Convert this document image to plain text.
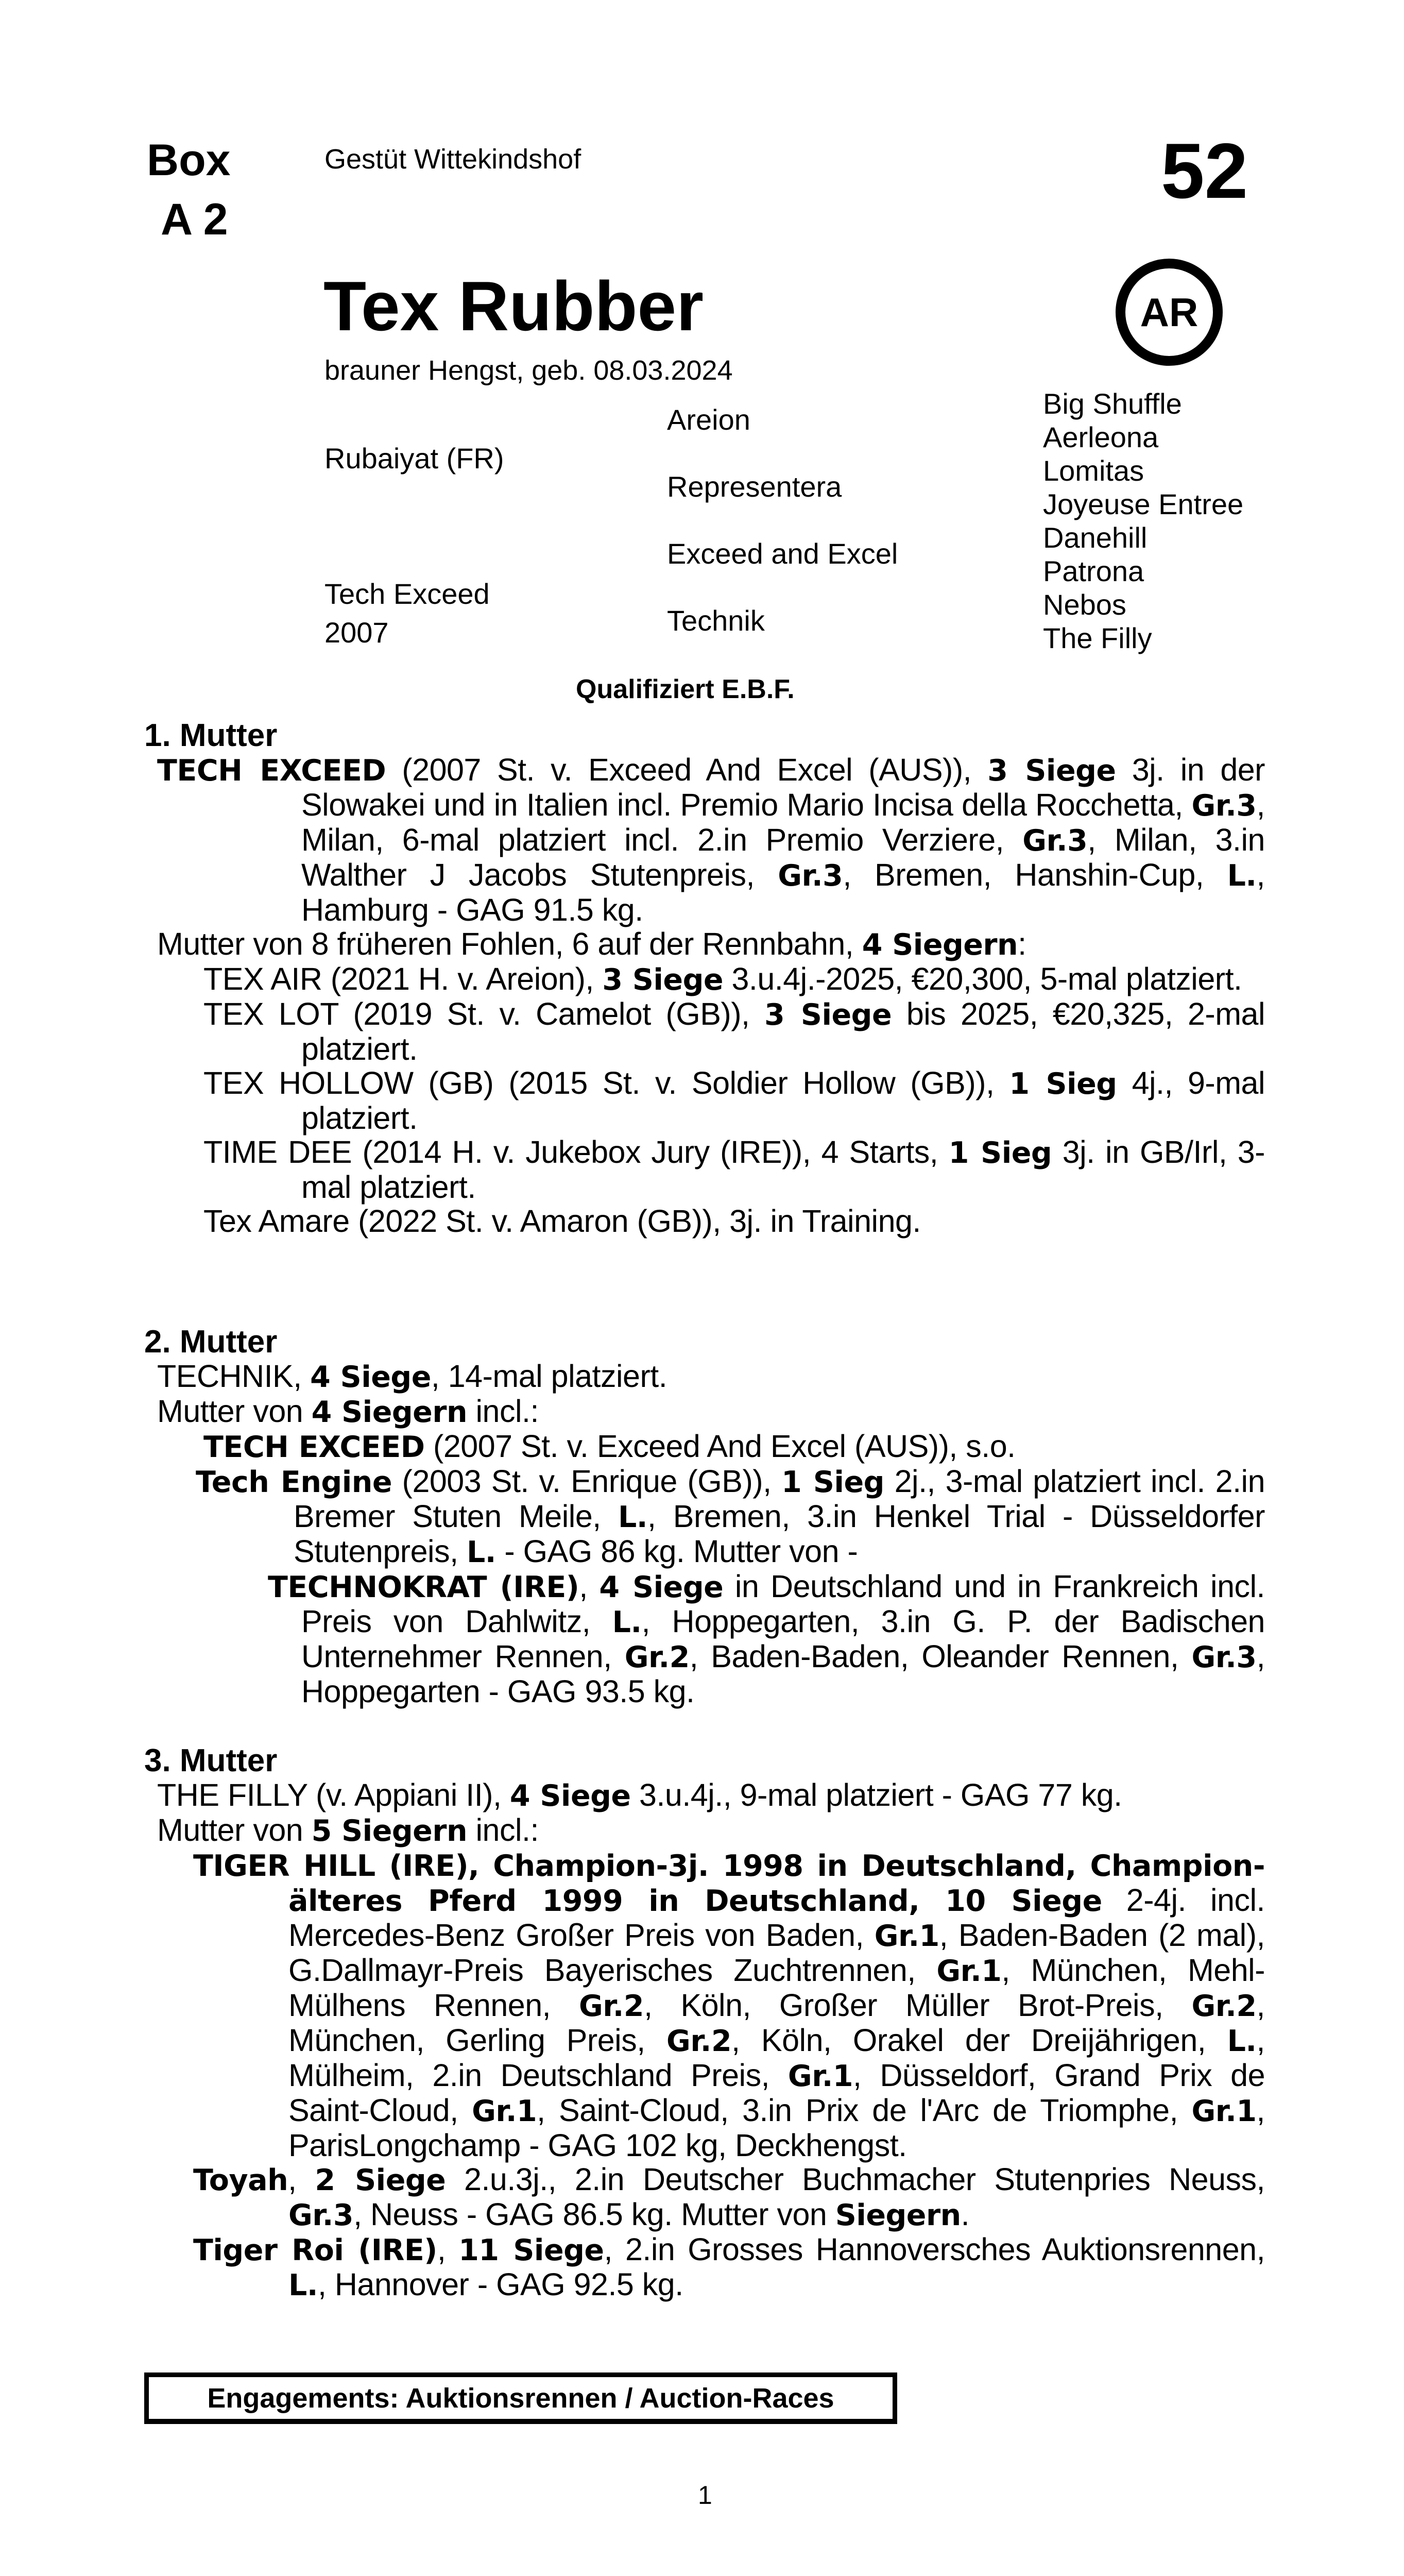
Box
A 2
Gestüt Wittekindshof	52
AR
Tex Rubber
brauner Hengst, geb. 08.03.2024
Rubaiyat (FR)
Tech Exceed
2007
Areion
Representera
Exceed and Excel
Technik
Big Shuffle
Aerleona
Lomitas
Joyeuse Entree
Danehill
Patrona
Nebos
The Filly
Qualifiziert E.B.F.

1. Mutter

TECH EXCEED (2007 St. v. Exceed And Excel (AUS)), 3 Siege 3j. in der Slowakei und in Italien incl. Premio Mario Incisa della Rocchetta, Gr.3, Milan, 6-mal platziert incl. 2.in Premio Verziere, Gr.3, Milan, 3.in Walther J Jacobs Stutenpreis, Gr.3, Bremen, Hanshin-Cup, L., Hamburg - GAG 91.5 kg.

Mutter von 8 früheren Fohlen, 6 auf der Rennbahn, 4 Siegern:

TEX AIR (2021 H. v. Areion), 3 Siege 3.u.4j.-2025, €20,300, 5-mal platziert.

TEX LOT (2019 St. v. Camelot (GB)), 3 Siege bis 2025, €20,325, 2-mal platziert.

TEX HOLLOW (GB) (2015 St. v. Soldier Hollow (GB)), 1 Sieg 4j., 9-mal platziert.

TIME DEE (2014 H. v. Jukebox Jury (IRE)), 4 Starts, 1 Sieg 3j. in GB/Irl, 3-mal platziert.

Tex Amare (2022 St. v. Amaron (GB)), 3j. in Training.

2. Mutter

TECHNIK, 4 Siege, 14-mal platziert.

Mutter von 4 Siegern incl.:

TECH EXCEED (2007 St. v. Exceed And Excel (AUS)), s.o.

Tech Engine (2003 St. v. Enrique (GB)), 1 Sieg 2j., 3-mal platziert incl. 2.in Bremer Stuten Meile, L., Bremen, 3.in Henkel Trial - Düsseldorfer Stutenpreis, L. - GAG 86 kg. Mutter von -

TECHNOKRAT (IRE), 4 Siege in Deutschland und in Frankreich incl. Preis von Dahlwitz, L., Hoppegarten, 3.in G. P. der Badischen Unternehmer Rennen, Gr.2, Baden-Baden, Oleander Rennen, Gr.3, Hoppegarten - GAG 93.5 kg.

3. Mutter

THE FILLY (v. Appiani II), 4 Siege 3.u.4j., 9-mal platziert - GAG 77 kg.

Mutter von 5 Siegern incl.:

TIGER HILL (IRE), Champion-3j. 1998 in Deutschland, Champion-älteres Pferd 1999 in Deutschland, 10 Siege 2-4j. incl. Mercedes-Benz Großer Preis von Baden, Gr.1, Baden-Baden (2 mal), G.Dallmayr-Preis Bayerisches Zuchtrennen, Gr.1, München, Mehl-Mülhens Rennen, Gr.2, Köln, Großer Müller Brot-Preis, Gr.2, München, Gerling Preis, Gr.2, Köln, Orakel der Dreijährigen, L., Mülheim, 2.in Deutschland Preis, Gr.1, Düsseldorf, Grand Prix de Saint-Cloud, Gr.1, Saint-Cloud, 3.in Prix de l'Arc de Triomphe, Gr.1, ParisLongchamp - GAG 102 kg, Deckhengst.

Toyah, 2 Siege 2.u.3j., 2.in Deutscher Buchmacher Stutenpries Neuss, Gr.3, Neuss - GAG 86.5 kg. Mutter von Siegern.

Tiger Roi (IRE), 11 Siege, 2.in Grosses Hannoversches Auktionsrennen, L., Hannover - GAG 92.5 kg.

Engagements: Auktionsrennen / Auction-Races
1
